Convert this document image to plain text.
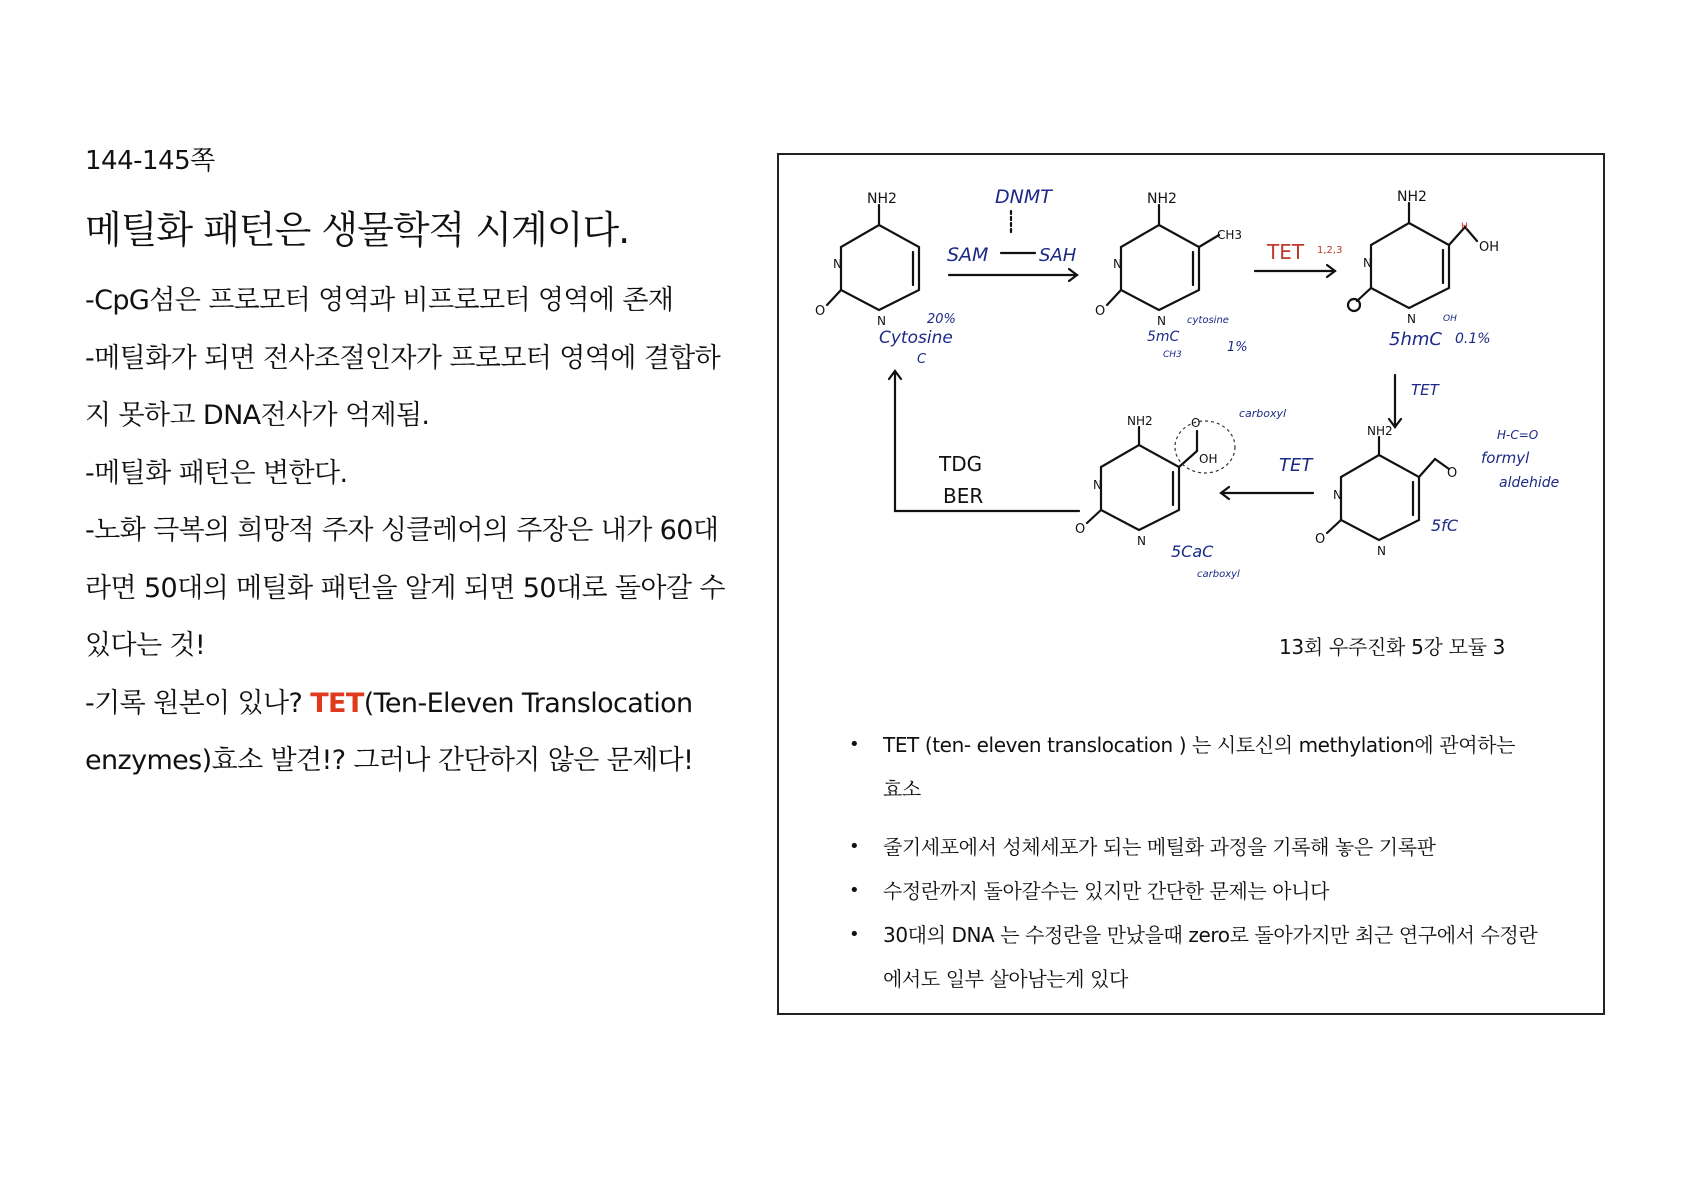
144-145쪽
메틸화 패턴은 생물학적 시계이다.

-CpG섬은 프로모터 영역과 비프로모터 영역에 존재

-메틸화가 되면 전사조절인자가 프로모터 영역에 결합하

지 못하고 DNA전사가 억제됨.

-메틸화 패턴은 변한다.

-노화 극복의 희망적 주자 싱클레어의 주장은 내가 60대

라면 50대의 메틸화 패턴을 알게 되면 50대로 돌아갈 수

있다는 것!

-기록 원본이 있나? TET(Ten-Eleven Translocation

enzymes)효소 발견!? 그러나 간단하지 않은 문제다!

NH2
N
N
O
20%
Cytosine
C
DNMT
SAM	SAH
NH2
CH3
N
N
O
5mC
cytosine
CH3	1%
TET 1,2,3
NH2
OH
H
N
N
5hmC
OH
0.1%
TET
NH2
O
N
N
O
5fC
H-C=O
formyl
aldehide
TET
NH2	O
OH
N
N
O
carboxyl
5CaC
carboxyl
TDG
BER
13회 우주진화 5강 모듈 3
• TET (ten- eleven translocation ) 는 시토신의 methylation에 관여하는
효소
• 줄기세포에서 성체세포가 되는 메틸화 과정을 기록해 놓은 기록판
• 수정란까지 돌아갈수는 있지만 간단한 문제는 아니다
• 30대의 DNA 는 수정란을 만났을때 zero로 돌아가지만 최근 연구에서 수정란
에서도 일부 살아남는게 있다
